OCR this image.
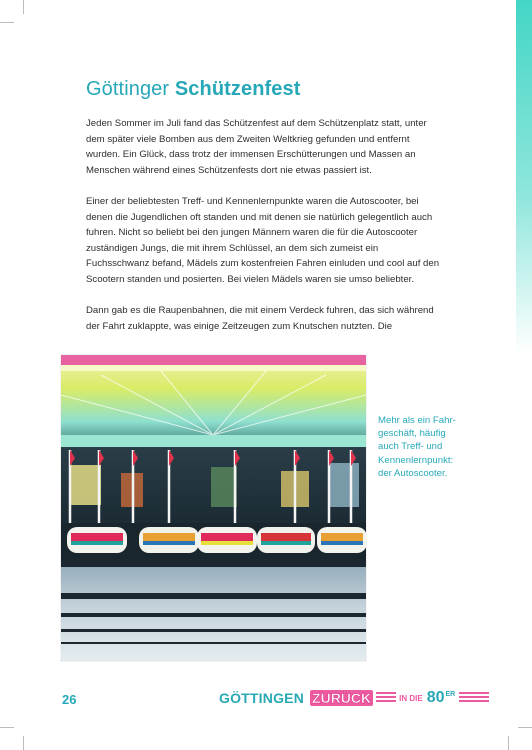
Göttinger Schützenfest

Jeden Sommer im Juli fand das Schützenfest auf dem Schützenplatz statt, unter dem später viele Bomben aus dem Zweiten Weltkrieg gefunden und entfernt wurden. Ein Glück, dass trotz der immensen Erschütterungen und Massen an Menschen während eines Schützenfests dort nie etwas passiert ist.

Einer der beliebtesten Treff- und Kennenlernpunkte waren die Autoscooter, bei denen die Jugendlichen oft standen und mit denen sie natürlich gelegentlich auch fuhren. Nicht so beliebt bei den jungen Männern waren die für die Autoscooter zuständigen Jungs, die mit ihrem Schlüssel, an dem sich zumeist ein Fuchsschwanz befand, Mädels zum kostenfreien Fahren einluden und cool auf den Scootern standen und posierten. Bei vielen Mädels waren sie umso beliebter.

Dann gab es die Raupenbahnen, die mit einem Verdeck fuhren, das sich während der Fahrt zuklappte, was einige Zeitzeugen zum Knutschen nutzten. Die

Mehr als ein Fahrgeschäft, häufig auch Treff- und Kennenlernpunkt: der Autoscooter.
26	GÖTTINGEN ZURÜCK	IN DIE 80 ER
